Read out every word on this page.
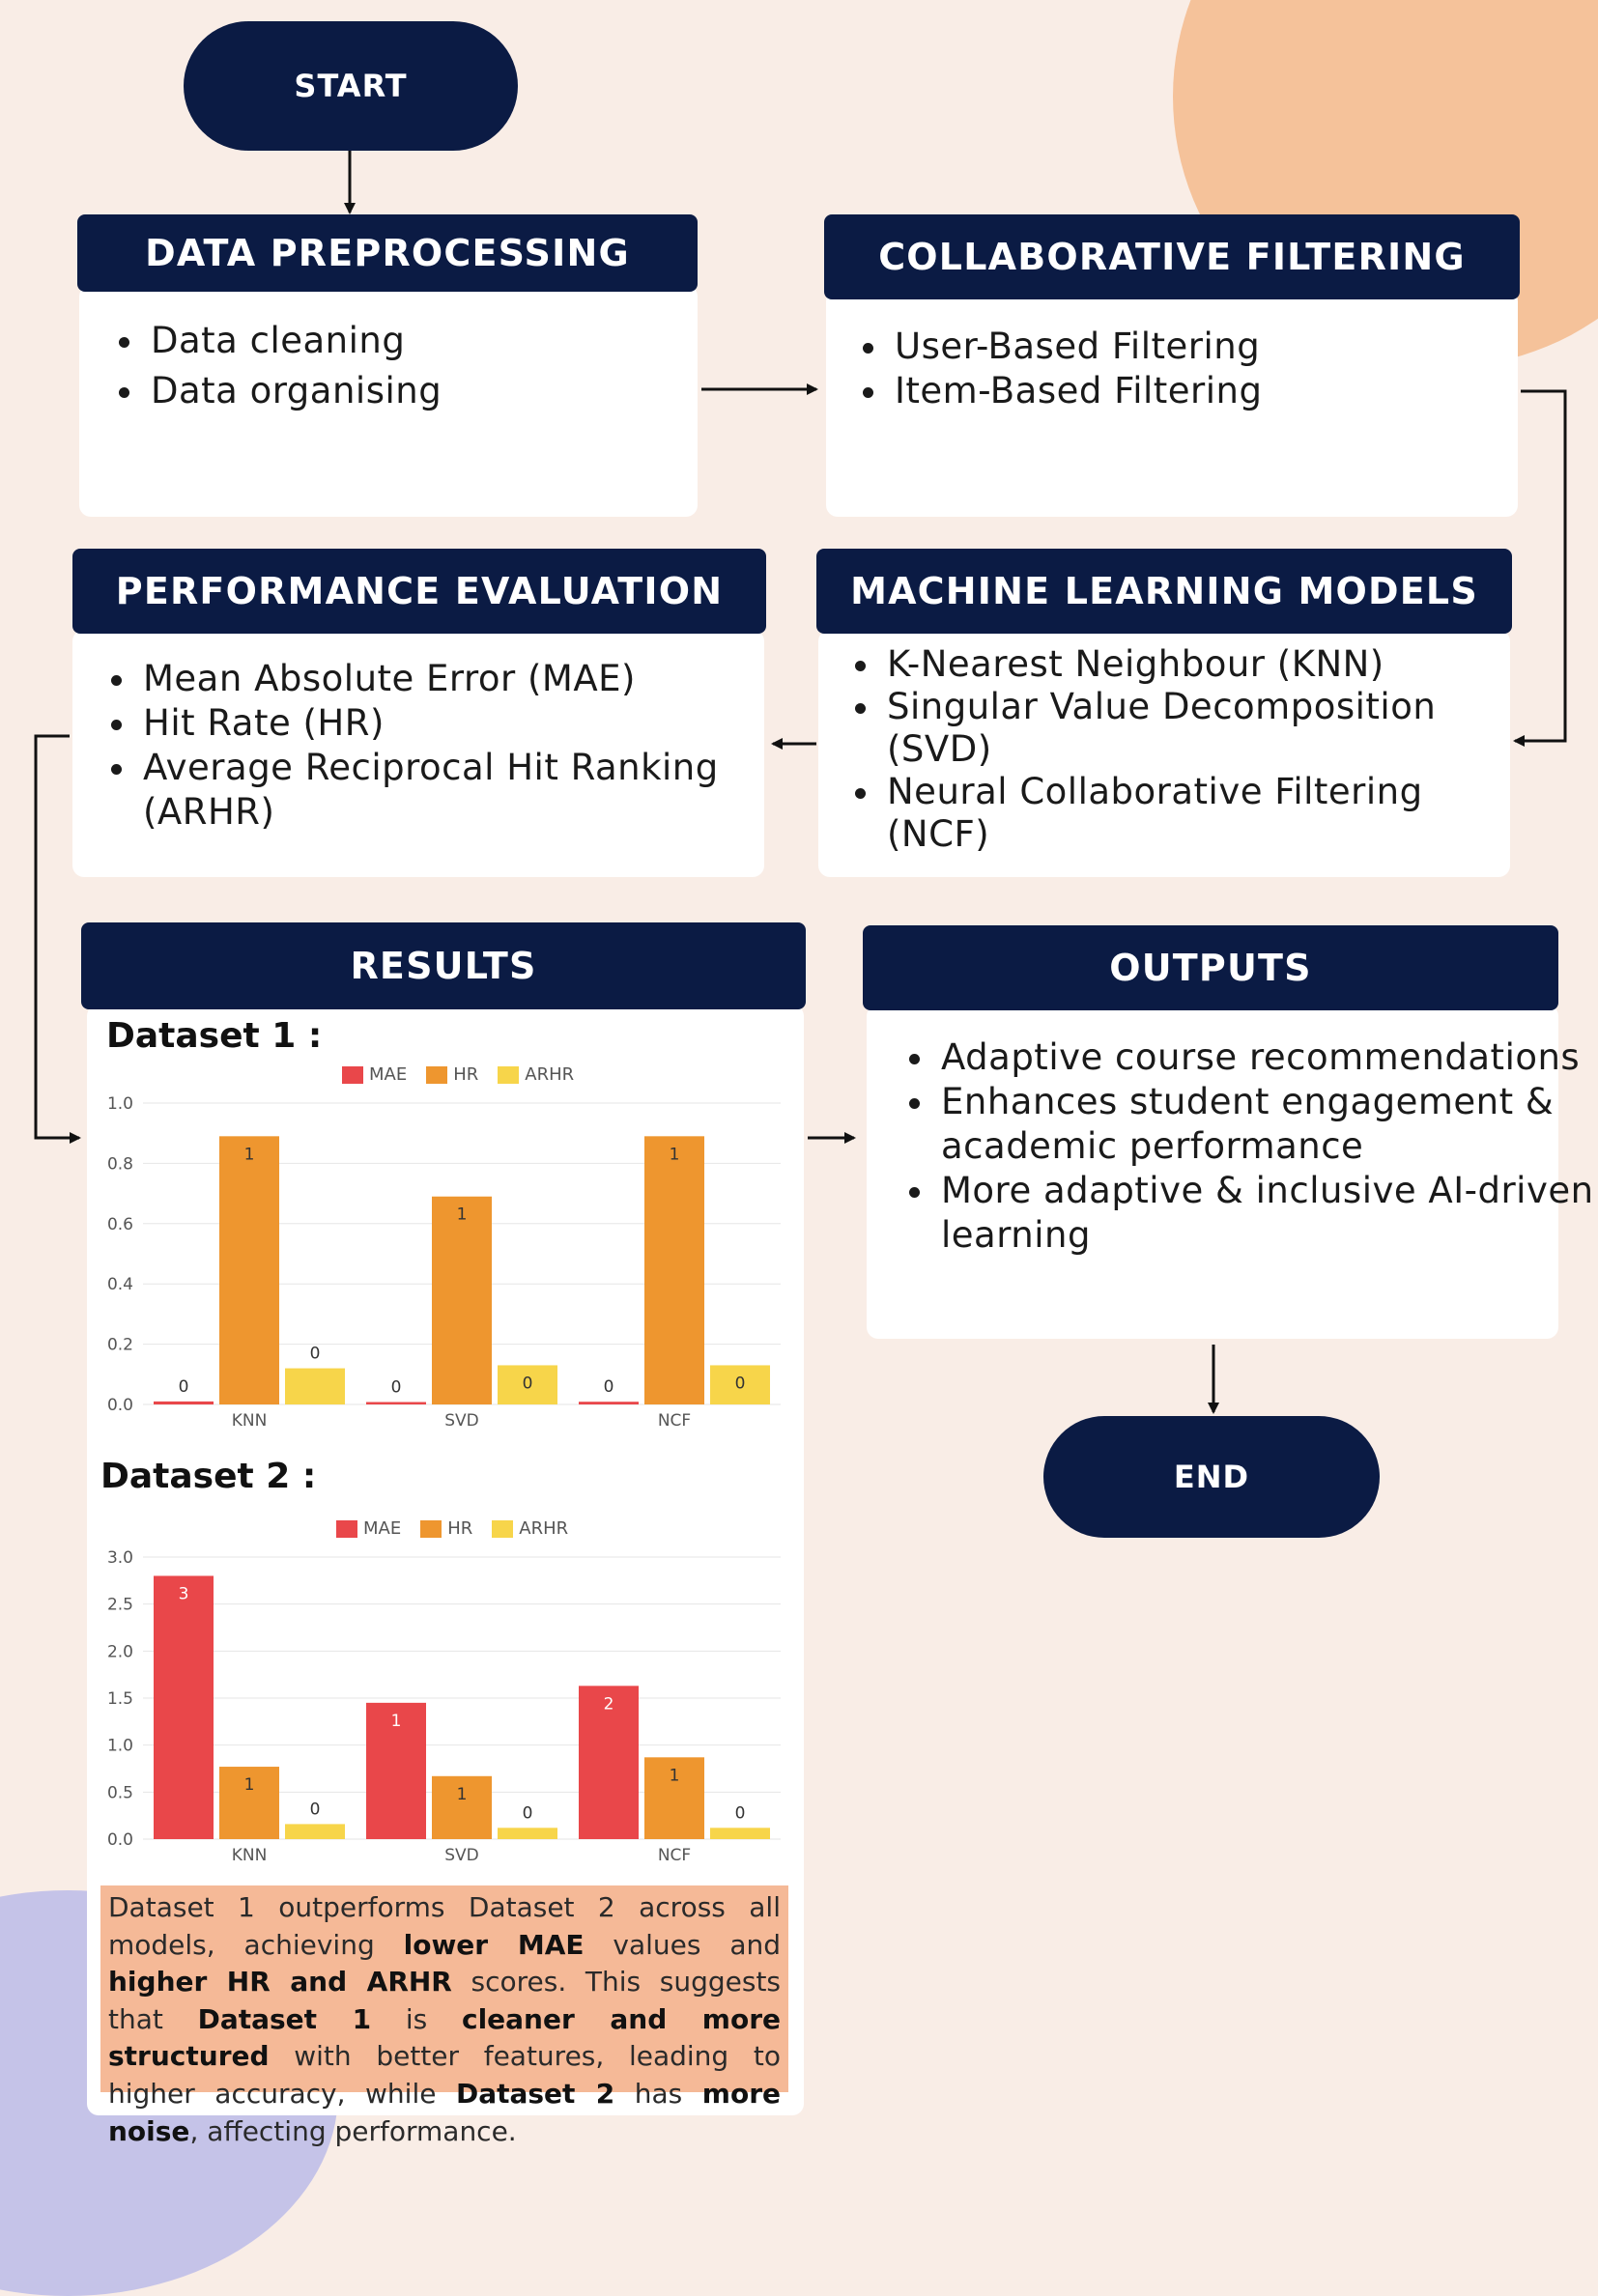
START
END
DATA PREPROCESSING
• Data cleaning
• Data organising
COLLABORATIVE FILTERING
• User-Based Filtering
• Item-Based Filtering
PERFORMANCE EVALUATION
• Mean Absolute Error (MAE)
• Hit Rate (HR)
• Average Reciprocal Hit Ranking (ARHR)
MACHINE LEARNING MODELS
• K-Nearest Neighbour (KNN)
• Singular Value Decomposition (SVD)
• Neural Collaborative Filtering (NCF)
RESULTS
Dataset 1 :
MAE	HR	ARHR
0.0
0.2
0.4
0.6
0.8
1.0
0
1
0
KNN
0
1
0
SVD
0
1
0
NCF
Dataset 2 :
MAE	HR	ARHR
0.0
0.5
1.0
1.5
2.0
2.5
3.0
3
1
0
KNN
1
1
0
SVD
2
1
0
NCF
Dataset 1 outperforms Dataset 2 across all models, achieving lower MAE values and higher HR and ARHR scores. This suggests that Dataset 1 is cleaner and more structured with better features, leading to higher accuracy, while Dataset 2 has more noise, affecting performance.
OUTPUTS
• Adaptive course recommendations
• Enhances student engagement & academic performance
• More adaptive & inclusive AI-driven learning
